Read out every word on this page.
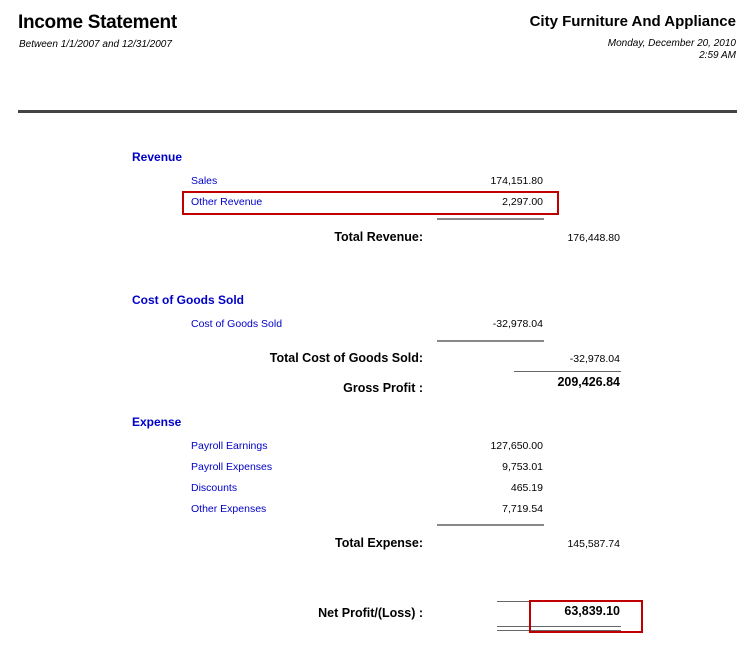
Income Statement
Between 1/1/2007 and 12/31/2007
City Furniture And Appliance
Monday, December 20, 2010
2:59 AM
Revenue
Sales	174,151.80
Other Revenue	2,297.00
Total Revenue:	176,448.80
Cost of Goods Sold
Cost of Goods Sold	-32,978.04
Total Cost of Goods Sold:	-32,978.04
Gross Profit :	209,426.84
Expense
Payroll Earnings	127,650.00
Payroll Expenses	9,753.01
Discounts	465.19
Other Expenses	7,719.54
Total Expense:	145,587.74
Net Profit/(Loss) :	63,839.10
